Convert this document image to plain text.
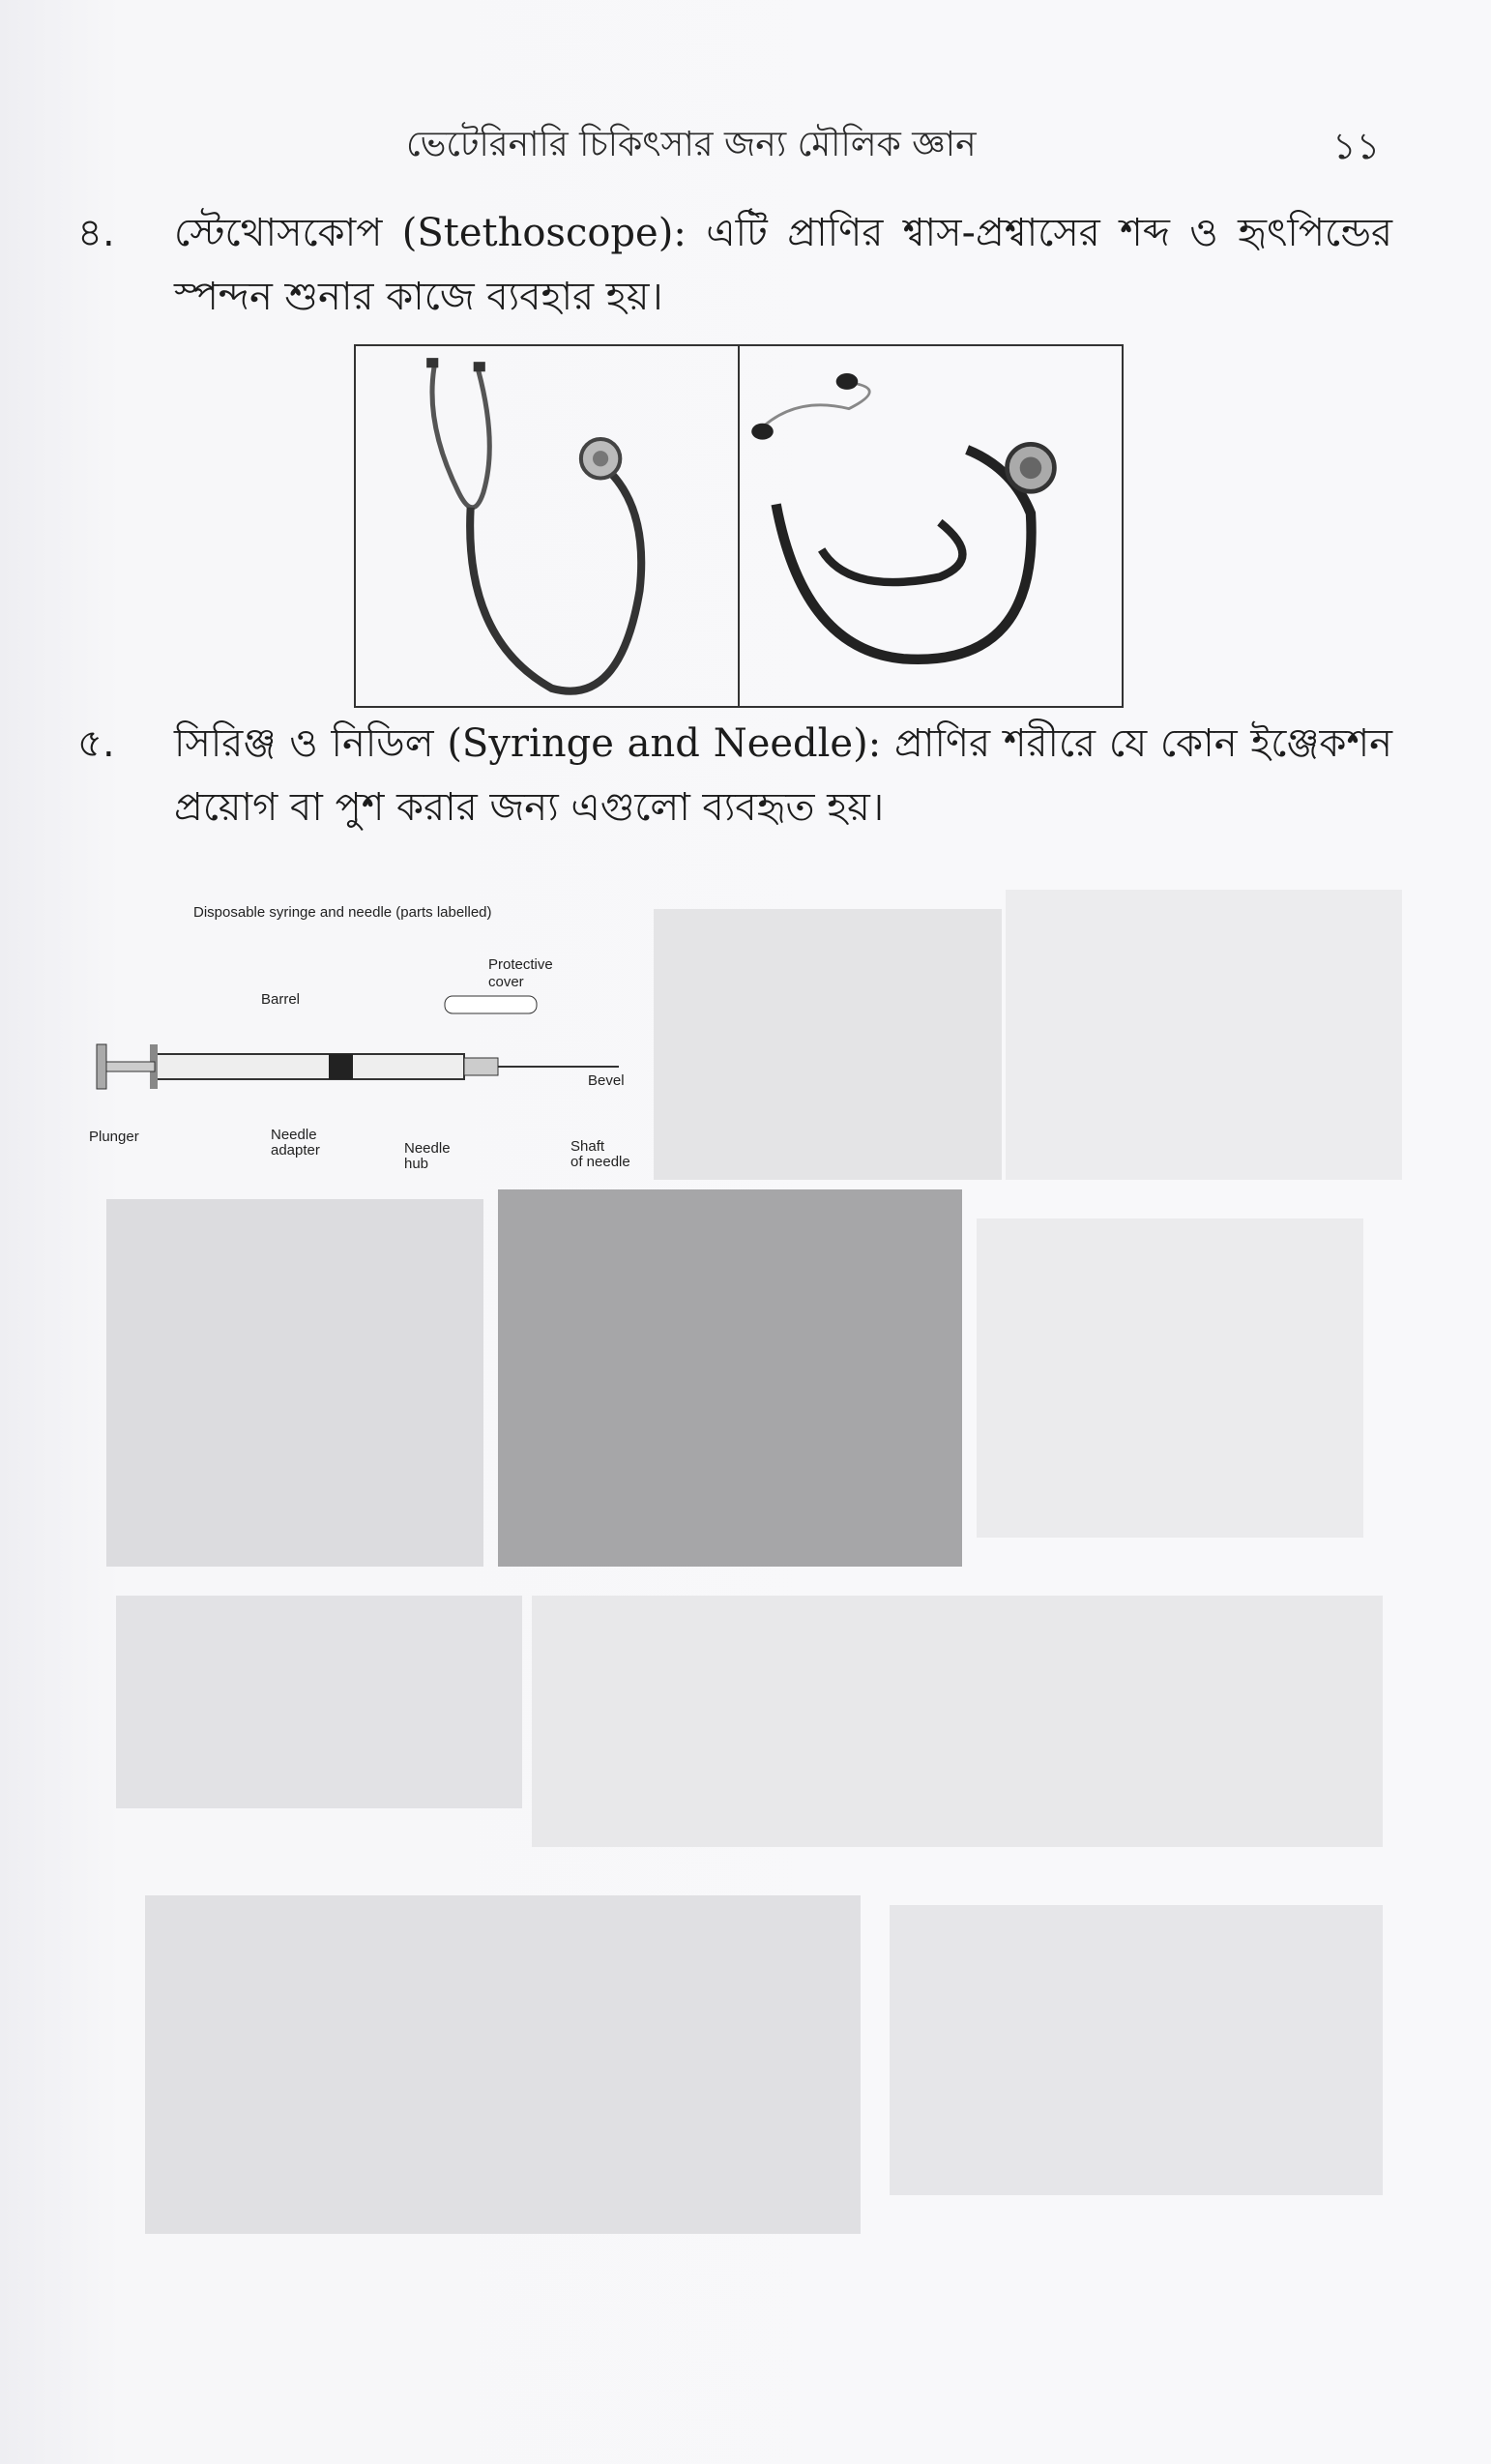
ভেটেরিনারি চিকিৎসার জন্য মৌলিক জ্ঞান	১১
৪. স্টেথোসকোপ (Stethoscope): এটি প্রাণির শ্বাস-প্রশ্বাসের শব্দ ও হৃৎপিন্ডের স্পন্দন শুনার কাজে ব্যবহার হয়।
৫. সিরিঞ্জ ও নিডিল (Syringe and Needle): প্রাণির শরীরে যে কোন ইঞ্জেকশন প্রয়োগ বা পুশ করার জন্য এগুলো ব্যবহৃত হয়।
Disposable syringe and needle (parts labelled)
Protective
cover
Barrel
Bevel
Plunger	Needle
adapter	Needle
hub
Shaft
of needle
